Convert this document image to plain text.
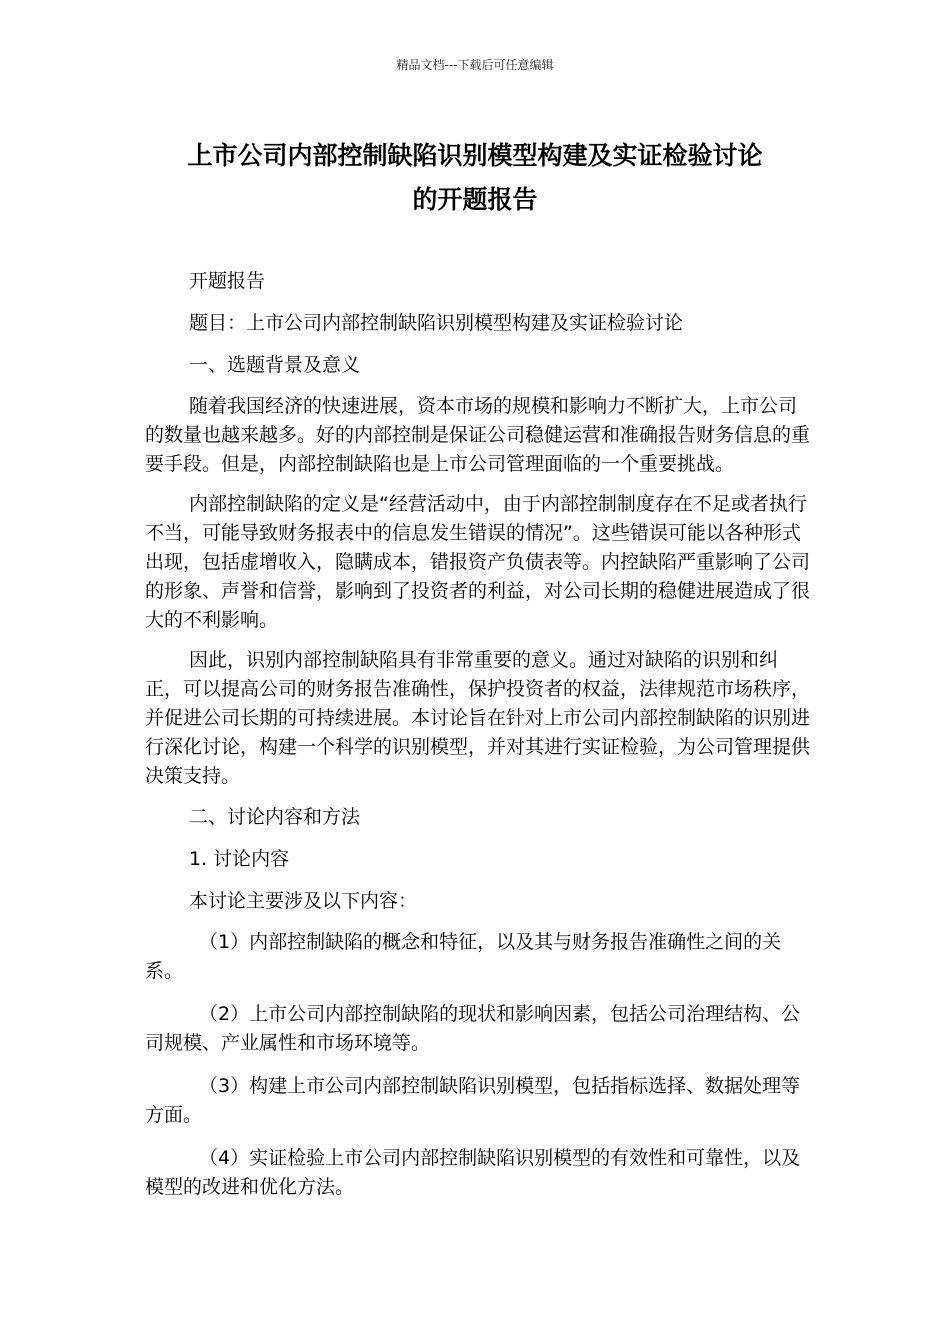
精品文档---下载后可任意编辑
上市公司内部控制缺陷识别模型构建及实证检验讨论
的开题报告

开题报告

题目：上市公司内部控制缺陷识别模型构建及实证检验讨论

一、选题背景及意义

随着我国经济的快速进展，资本市场的规模和影响力不断扩大，上市公司的数量也越来越多。好的内部控制是保证公司稳健运营和准确报告财务信息的重要手段。但是，内部控制缺陷也是上市公司管理面临的一个重要挑战。

内部控制缺陷的定义是“经营活动中，由于内部控制制度存在不足或者执行不当，可能导致财务报表中的信息发生错误的情况”。这些错误可能以各种形式出现，包括虚增收入，隐瞒成本，错报资产负债表等。内控缺陷严重影响了公司的形象、声誉和信誉，影响到了投资者的利益，对公司长期的稳健进展造成了很大的不利影响。

因此，识别内部控制缺陷具有非常重要的意义。通过对缺陷的识别和纠正，可以提高公司的财务报告准确性，保护投资者的权益，法律规范市场秩序，并促进公司长期的可持续进展。本讨论旨在针对上市公司内部控制缺陷的识别进行深化讨论，构建一个科学的识别模型，并对其进行实证检验，为公司管理提供决策支持。

二、讨论内容和方法

1. 讨论内容

本讨论主要涉及以下内容：

（1）内部控制缺陷的概念和特征，以及其与财务报告准确性之间的关系。

（2）上市公司内部控制缺陷的现状和影响因素，包括公司治理结构、公司规模、产业属性和市场环境等。

（3）构建上市公司内部控制缺陷识别模型，包括指标选择、数据处理等方面。

（4）实证检验上市公司内部控制缺陷识别模型的有效性和可靠性，以及模型的改进和优化方法。
